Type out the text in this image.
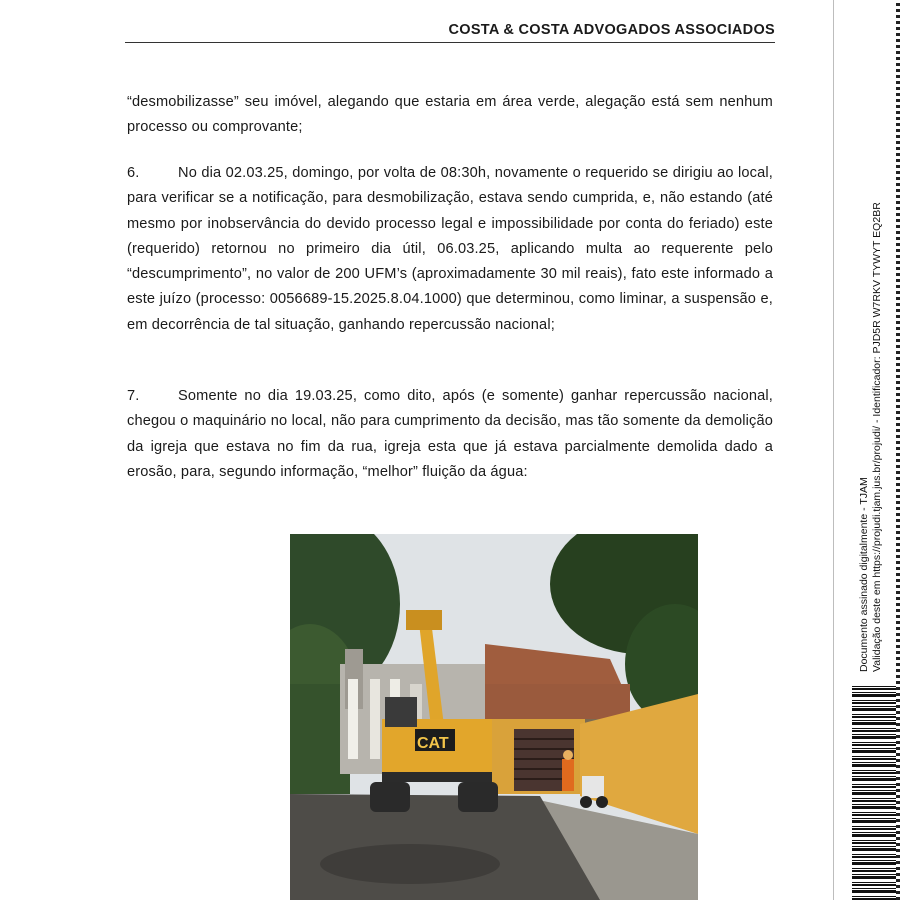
COSTA & COSTA ADVOGADOS ASSOCIADOS
“desmobilizasse” seu imóvel, alegando que estaria em área verde, alegação está sem nenhum processo ou comprovante;
6.	No dia 02.03.25, domingo, por volta de 08:30h, novamente o requerido se dirigiu ao local, para verificar se a notificação, para desmobilização, estava sendo cumprida, e, não estando (até mesmo por inobservância do devido processo legal e impossibilidade por conta do feriado) este (requerido) retornou no primeiro dia útil, 06.03.25, aplicando multa ao requerente pelo “descumprimento”, no valor de 200 UFM’s (aproximadamente 30 mil reais), fato este informado a este juízo (processo: 0056689-15.2025.8.04.1000) que determinou, como liminar, a suspensão e, em decorrência de tal situação, ganhando repercussão nacional;
7.	Somente no dia 19.03.25, como dito, após (e somente) ganhar repercussão nacional, chegou o maquinário no local, não para cumprimento da decisão, mas tão somente da demolição da igreja que estava no fim da rua, igreja esta que já estava parcialmente demolida dado a erosão, para, segundo informação, “melhor” fluição da água:
CAT
Documento assinado digitalmente - TJAM Validação deste em https://projudi.tjam.jus.br/projudi/ - Identificador: PJD5R W7RKV TYWYT EQ2BR
